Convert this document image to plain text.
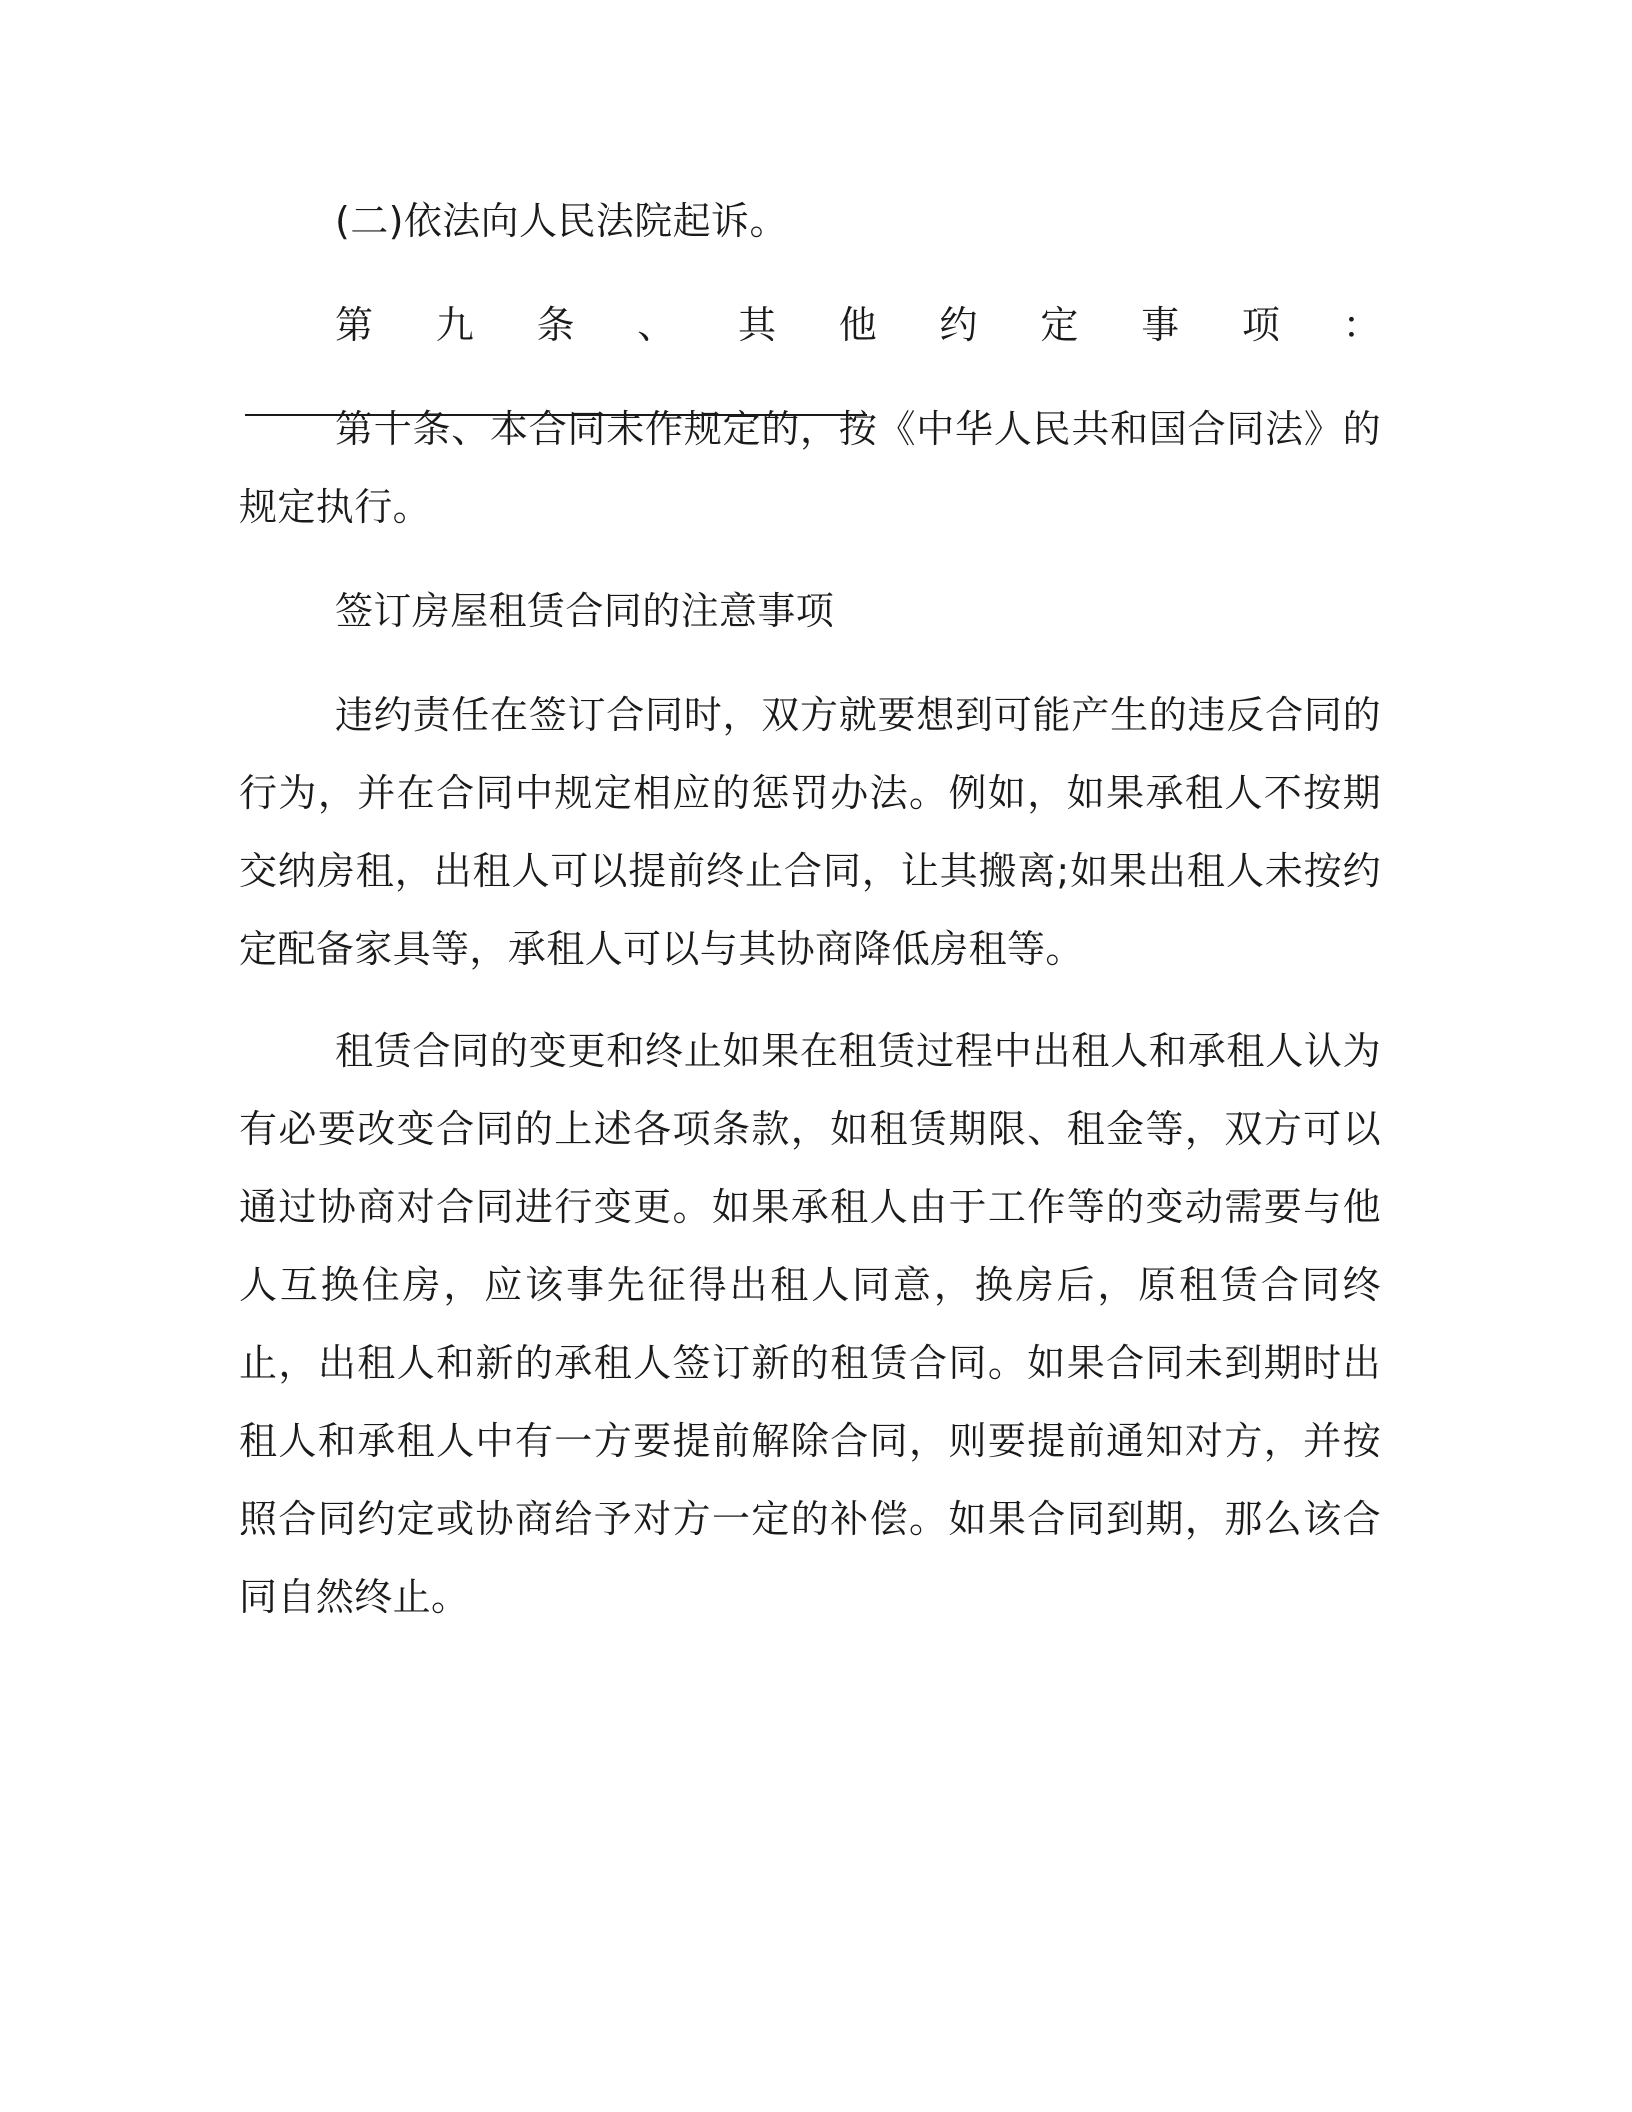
(二)依法向人民法院起诉。

第九条、其他约定事项：

第十条、本合同未作规定的，按《中华人民共和国合同法》的规定执行。

签订房屋租赁合同的注意事项

违约责任在签订合同时，双方就要想到可能产生的违反合同的行为，并在合同中规定相应的惩罚办法。例如，如果承租人不按期交纳房租，出租人可以提前终止合同，让其搬离;如果出租人未按约定配备家具等，承租人可以与其协商降低房租等。

租赁合同的变更和终止如果在租赁过程中出租人和承租人认为有必要改变合同的上述各项条款，如租赁期限、租金等，双方可以通过协商对合同进行变更。如果承租人由于工作等的变动需要与他人互换住房，应该事先征得出租人同意，换房后，原租赁合同终止，出租人和新的承租人签订新的租赁合同。如果合同未到期时出租人和承租人中有一方要提前解除合同，则要提前通知对方，并按照合同约定或协商给予对方一定的补偿。如果合同到期，那么该合同自然终止。
